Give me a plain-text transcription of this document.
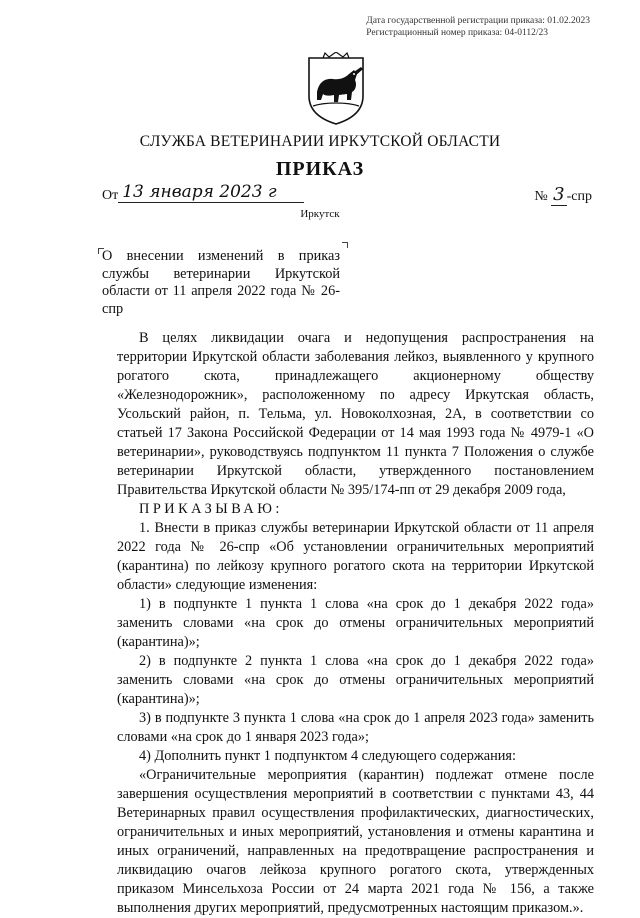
Дата государственной регистрации приказа: 01.02.2023
Регистрационный номер приказа: 04-0112/23
СЛУЖБА ВЕТЕРИНАРИИ ИРКУТСКОЙ ОБЛАСТИ
ПРИКАЗ
От 13 января 2023 г	№ 3 -спр
Иркутск
О внесении изменений в приказ службы ветеринарии Иркутской области от 11 апреля 2022 года № 26-спр

В целях ликвидации очага и недопущения распространения на территории Иркутской области заболевания лейкоз, выявленного у крупного рогатого скота, принадлежащего акционерному обществу «Железнодорожник», расположенному по адресу Иркутская область, Усольский район, п. Тельма, ул. Новоколхозная, 2А, в соответствии со статьей 17 Закона Российской Федерации от 14 мая 1993 года № 4979-1 «О ветеринарии», руководствуясь подпунктом 11 пункта 7 Положения о службе ветеринарии Иркутской области, утвержденного постановлением Правительства Иркутской области № 395/174-пп от 29 декабря 2009 года,

ПРИКАЗЫВАЮ:

1. Внести в приказ службы ветеринарии Иркутской области от 11 апреля 2022 года № 26-спр «Об установлении ограничительных мероприятий (карантина) по лейкозу крупного рогатого скота на территории Иркутской области» следующие изменения:

1) в подпункте 1 пункта 1 слова «на срок до 1 декабря 2022 года» заменить словами «на срок до отмены ограничительных мероприятий (карантина)»;

2) в подпункте 2 пункта 1 слова «на срок до 1 декабря 2022 года» заменить словами «на срок до отмены ограничительных мероприятий (карантина)»;

3) в подпункте 3 пункта 1 слова «на срок до 1 апреля 2023 года» заменить словами «на срок до 1 января 2023 года»;

4) Дополнить пункт 1 подпунктом 4 следующего содержания:

«Ограничительные мероприятия (карантин) подлежат отмене после завершения осуществления мероприятий в соответствии с пунктами 43, 44 Ветеринарных правил осуществления профилактических, диагностических, ограничительных и иных мероприятий, установления и отмены карантина и иных ограничений, направленных на предотвращение распространения и ликвидацию очагов лейкоза крупного рогатого скота, утвержденных приказом Минсельхоза России от 24 марта 2021 года № 156, а также выполнения других мероприятий, предусмотренных настоящим приказом.».
